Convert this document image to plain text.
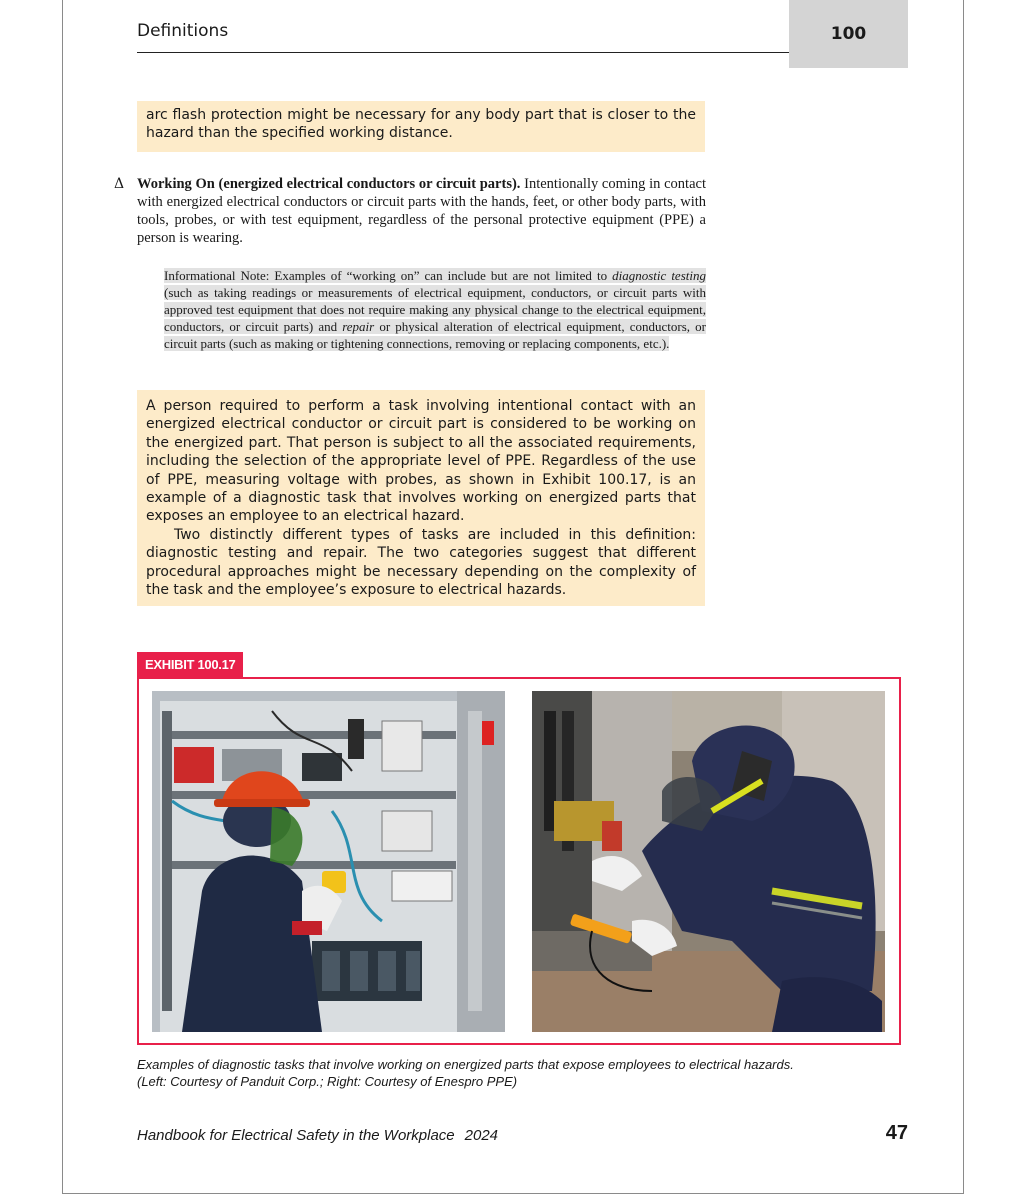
Definitions	100
arc flash protection might be necessary for any body part that is closer to the hazard than the specified working distance.
Δ Working On (energized electrical conductors or circuit parts). Intentionally coming in contact with energized electrical conductors or circuit parts with the hands, feet, or other body parts, with tools, probes, or with test equipment, regardless of the personal protective equipment (PPE) a person is wearing.
Informational Note: Examples of “working on” can include but are not limited to diagnostic testing (such as taking readings or measurements of electrical equipment, conductors, or circuit parts with approved test equipment that does not require making any physical change to the electrical equipment, conductors, or circuit parts) and repair or physical alteration of electrical equipment, conductors, or circuit parts (such as making or tightening connections, removing or replacing components, etc.).
A person required to perform a task involving intentional contact with an energized electrical conductor or circuit part is considered to be working on the energized part. That person is subject to all the associated requirements, including the selection of the appropriate level of PPE. Regardless of the use of PPE, measuring voltage with probes, as shown in Exhibit 100.17, is an example of a diagnostic task that involves working on energized parts that exposes an employee to an electrical hazard.
Two distinctly different types of tasks are included in this definition: diagnostic testing and repair. The two categories suggest that different procedural approaches might be necessary depending on the complexity of the task and the employee’s exposure to electrical hazards.
EXHIBIT 100.17
Examples of diagnostic tasks that involve working on energized parts that expose employees to electrical hazards.
(Left: Courtesy of Panduit Corp.; Right: Courtesy of Enespro PPE)
Handbook for Electrical Safety in the Workplace 2024	47
